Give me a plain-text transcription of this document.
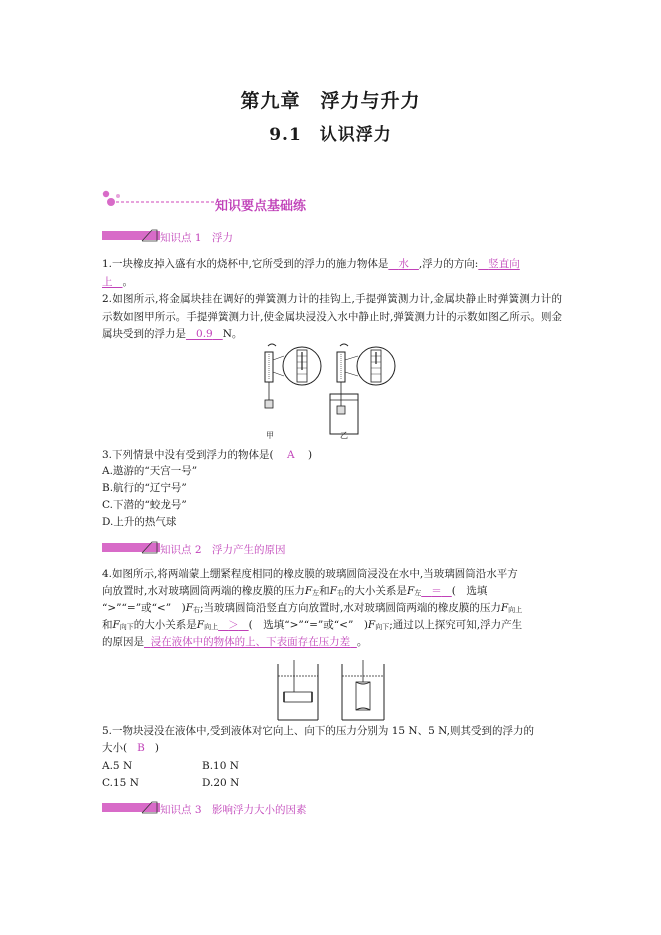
第九章　浮力与升力
9.1　认识浮力
知识要点基础练
知识点 1　浮力
1.一块橡皮掉入盛有水的烧杯中,它所受到的浮力的施力物体是 水 ,浮力的方向: 竖直向
上 。
2.如图所示,将金属块挂在调好的弹簧测力计的挂钩上,手提弹簧测力计,金属块静止时弹簧测力计的示数如图甲所示。手提弹簧测力计,使金属块浸没入水中静止时,弹簧测力计的示数如图乙所示。则金属块受到的浮力是 0.9 N。
甲	乙
3.下列情景中没有受到浮力的物体是( A )
A.遨游的“天宫一号”
B.航行的“辽宁号”
C.下潜的“蛟龙号”
D.上升的热气球
知识点 2　浮力产生的原因
4.如图所示,将两端蒙上绷紧程度相同的橡皮膜的玻璃圆筒浸没在水中,当玻璃圆筒沿水平方
向放置时,水对玻璃圆筒两端的橡皮膜的压力F左和F右的大小关系是F左 ＝ (　选填
“>”“=”或“<”　)F右;当玻璃圆筒沿竖直方向放置时,水对玻璃圆筒两端的橡皮膜的压力F向上
和F向下的大小关系是F向上 ＞ (　选填“>”“=”或“<”　)F向下;通过以上探究可知,浮力产生
的原因是 浸在液体中的物体的上、下表面存在压力差 。
5.一物块浸没在液体中,受到液体对它向上、向下的压力分别为 15 N、5 N,则其受到的浮力的
大小( B )
A.5 N	B.10 N
C.15 N	D.20 N
知识点 3　影响浮力大小的因素
